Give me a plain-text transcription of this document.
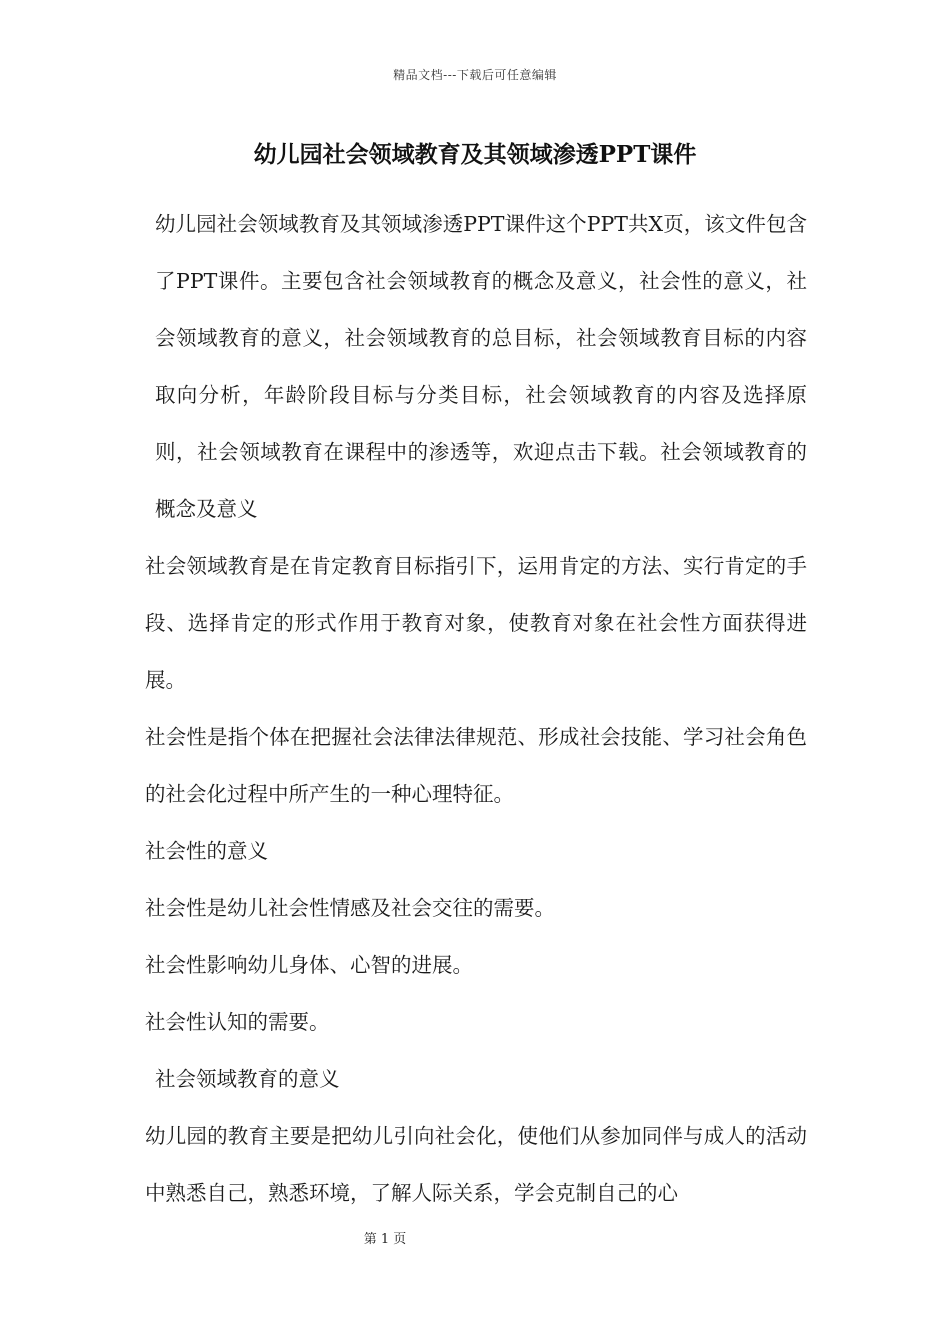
精品文档---下载后可任意编辑
幼儿园社会领域教育及其领域渗透PPT课件

幼儿园社会领域教育及其领域渗透PPT课件这个PPT共X页，该文件包含了PPT课件。主要包含社会领域教育的概念及意义，社会性的意义，社会领域教育的意义，社会领域教育的总目标，社会领域教育目标的内容取向分析，年龄阶段目标与分类目标，社会领域教育的内容及选择原则，社会领域教育在课程中的渗透等，欢迎点击下载。社会领域教育的概念及意义

社会领域教育是在肯定教育目标指引下，运用肯定的方法、实行肯定的手段、选择肯定的形式作用于教育对象，使教育对象在社会性方面获得进展。

社会性是指个体在把握社会法律法律规范、形成社会技能、学习社会角色的社会化过程中所产生的一种心理特征。

社会性的意义

社会性是幼儿社会性情感及社会交往的需要。

社会性影响幼儿身体、心智的进展。

社会性认知的需要。

社会领域教育的意义

幼儿园的教育主要是把幼儿引向社会化，使他们从参加同伴与成人的活动中熟悉自己，熟悉环境，了解人际关系，学会克制自己的心

第 1 页
